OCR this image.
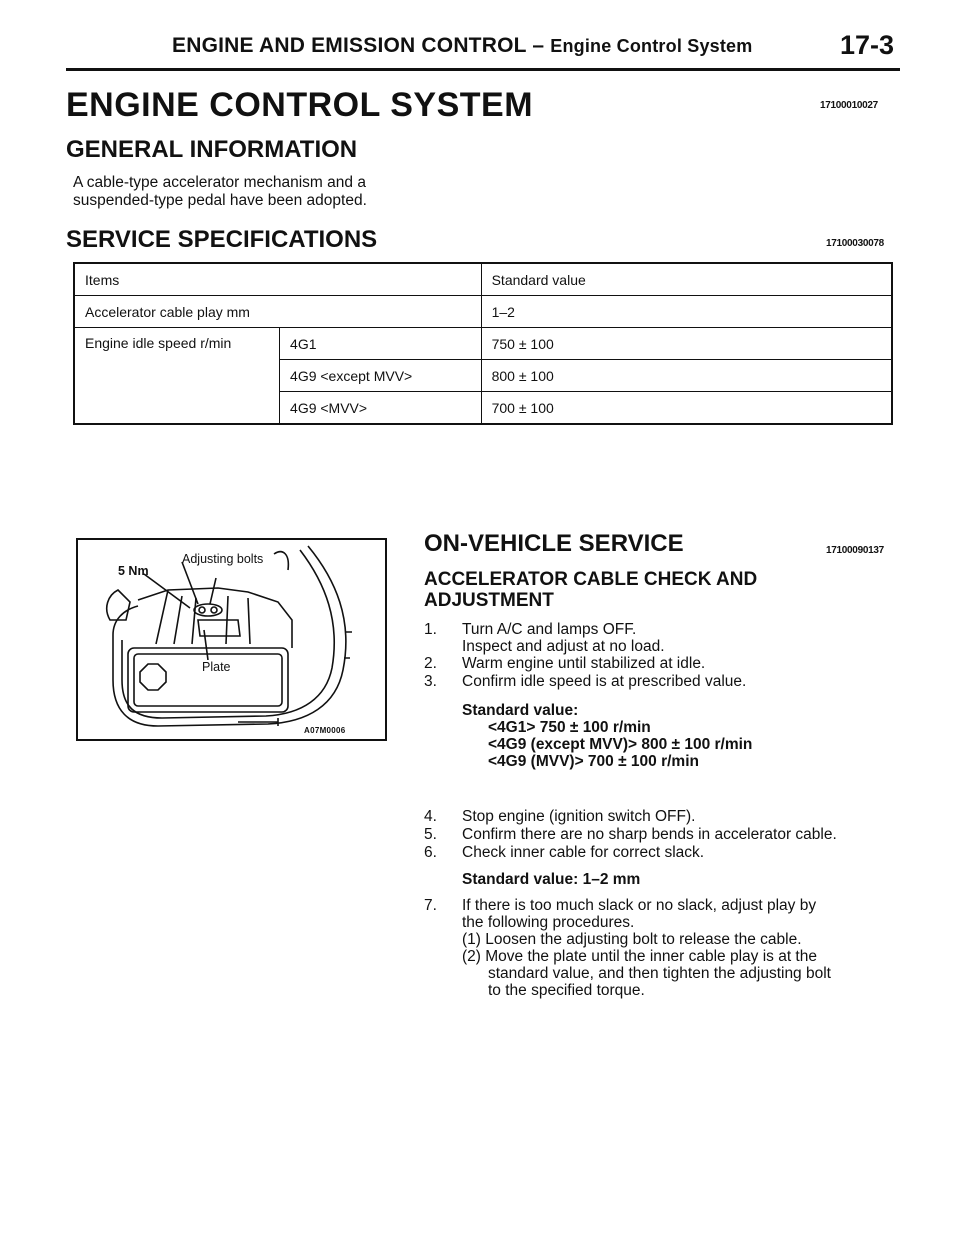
ENGINE AND EMISSION CONTROL – Engine Control System	17-3
ENGINE CONTROL SYSTEM	17100010027
GENERAL INFORMATION
A cable-type accelerator mechanism and a
suspended-type pedal have been adopted.
SERVICE SPECIFICATIONS	17100030078
Items		Standard value
Accelerator cable play mm		1–2
Engine idle speed r/min	4G1	750 ± 100
	4G9 <except MVV>	800 ± 100
	4G9 <MVV>	700 ± 100
5 Nm
Adjusting bolts
Plate
A07M0006
ON-VEHICLE SERVICE	17100090137
ACCELERATOR CABLE CHECK AND
ADJUSTMENT
1. Turn A/C and lamps OFF.
Inspect and adjust at no load.
2. Warm engine until stabilized at idle.
3. Confirm idle speed is at prescribed value.
Standard value:
<4G1> 750 ± 100 r/min
<4G9 (except MVV)> 800 ± 100 r/min
<4G9 (MVV)> 700 ± 100 r/min
4. Stop engine (ignition switch OFF).
5. Confirm there are no sharp bends in accelerator cable.
6. Check inner cable for correct slack.
Standard value: 1–2 mm
7. If there is too much slack or no slack, adjust play by
the following procedures.
(1) Loosen the adjusting bolt to release the cable.
(2) Move the plate until the inner cable play is at the
standard value, and then tighten the adjusting bolt
to the specified torque.
